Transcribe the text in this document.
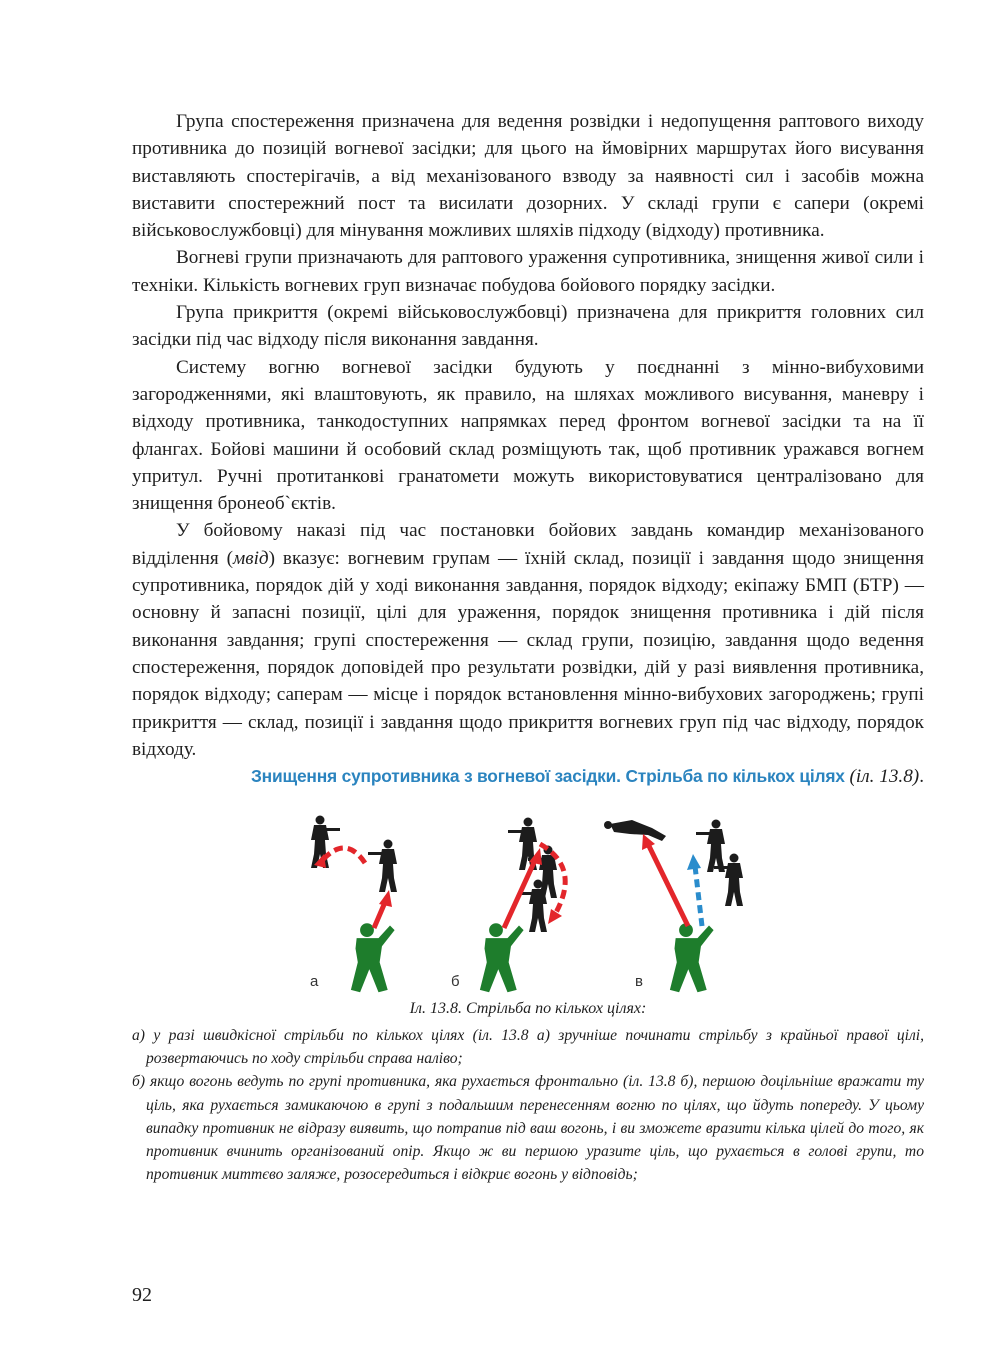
Група спостереження призначена для ведення розвідки і недопущення раптового виходу противника до позицій вогневої засідки; для цього на ймовірних маршрутах його висування виставляють спостерігачів, а від механізованого взводу за наявності сил і засобів можна виставити спостережний пост та висилати дозорних. У складі групи є сапери (окремі військовослужбовці) для мінування можливих шляхів підходу (відходу) противника.

Вогневі групи призначають для раптового ураження супротивника, знищення живої сили і техніки. Кількість вогневих груп визначає побудова бойового порядку засідки.

Група прикриття (окремі військовослужбовці) призначена для прикриття головних сил засідки під час відходу після виконання завдання.

Систему вогню вогневої засідки будують у поєднанні з мінно-вибуховими загородженнями, які влаштовують, як правило, на шляхах можливого висування, маневру і відходу противника, танкодоступних напрямках перед фронтом вогневої засідки та на її флангах. Бойові машини й особовий склад розміщують так, щоб противник уражався вогнем упритул. Ручні протитанкові гранатомети можуть використовуватися централізовано для знищення бронеоб`єктів.

У бойовому наказі під час постановки бойових завдань командир механізованого відділення (мвід) вказує: вогневим групам — їхній склад, позиції і завдання щодо знищення супротивника, порядок дій у ході виконання завдання, порядок відходу; екіпажу БМП (БТР) — основну й запасні позиції, цілі для ураження, порядок знищення противника і дій після виконання завдання; групі спостереження — склад групи, позицію, завдання щодо ведення спостереження, порядок доповідей про результати розвідки, дій у разі виявлення противника, порядок відходу; саперам — місце і порядок встановлення мінно-вибухових загороджень; групі прикриття — склад, позиції і завдання щодо прикриття вогневих груп під час відходу, порядок відходу.

Знищення супротивника з вогневої засідки. Стрільба по кількох цілях (іл. 13.8).

а	б	в
Іл. 13.8. Стрільба по кількох цілях:

а) у разі швидкісної стрільби по кількох цілях (іл. 13.8 а) зручніше починати стрільбу з крайньої правої цілі, розвертаючись по ходу стрільби справа наліво;

б) якщо вогонь ведуть по групі противника, яка рухається фронтально (іл. 13.8 б), першою доцільніше вражати ту ціль, яка рухається замикаючою в групі з подальшим перенесенням вогню по цілях, що йдуть попереду. У цьому випадку противник не відразу виявить, що потрапив під ваш вогонь, і ви зможете вразити кілька цілей до того, як противник вчинить організований опір. Якщо ж ви першою уразите ціль, що рухається в голові групи, то противник миттєво заляже, розосередиться і відкриє вогонь у відповідь;

92
